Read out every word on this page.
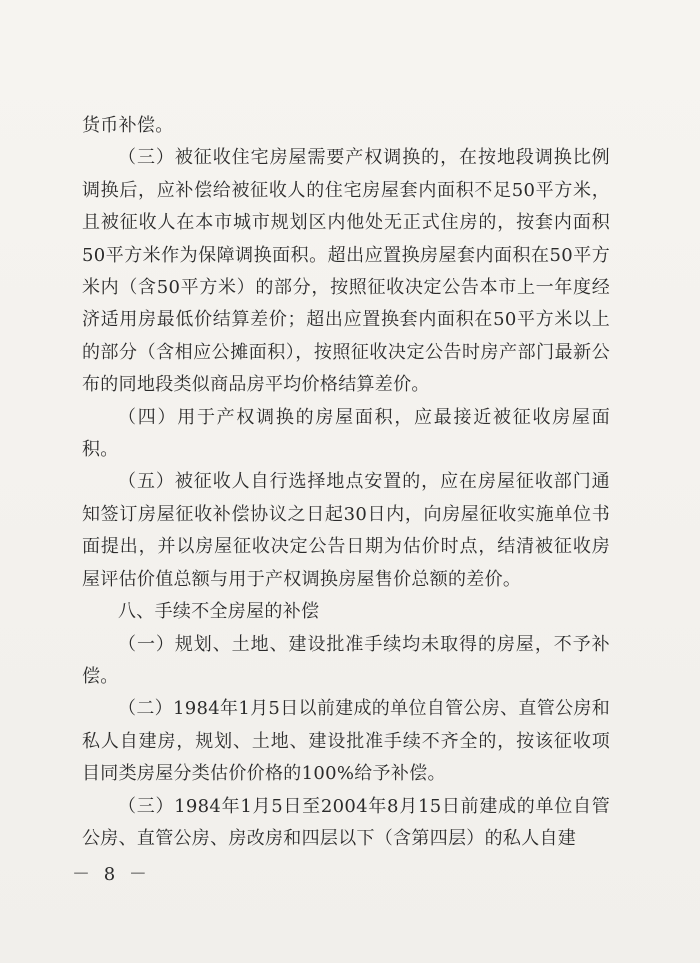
货币补偿。

（三）被征收住宅房屋需要产权调换的，在按地段调换比例调换后，应补偿给被征收人的住宅房屋套内面积不足50平方米，且被征收人在本市城市规划区内他处无正式住房的，按套内面积50平方米作为保障调换面积。超出应置换房屋套内面积在50平方米内（含50平方米）的部分，按照征收决定公告本市上一年度经济适用房最低价结算差价；超出应置换套内面积在50平方米以上的部分（含相应公摊面积），按照征收决定公告时房产部门最新公布的同地段类似商品房平均价格结算差价。

（四）用于产权调换的房屋面积，应最接近被征收房屋面积。

（五）被征收人自行选择地点安置的，应在房屋征收部门通知签订房屋征收补偿协议之日起30日内，向房屋征收实施单位书面提出，并以房屋征收决定公告日期为估价时点，结清被征收房屋评估价值总额与用于产权调换房屋售价总额的差价。

八、手续不全房屋的补偿

（一）规划、土地、建设批准手续均未取得的房屋，不予补偿。

（二）1984年1月5日以前建成的单位自管公房、直管公房和私人自建房，规划、土地、建设批准手续不齐全的，按该征收项目同类房屋分类估价价格的100%给予补偿。

（三）1984年1月5日至2004年8月15日前建成的单位自管公房、直管公房、房改房和四层以下（含第四层）的私人自建

－ 8 －
